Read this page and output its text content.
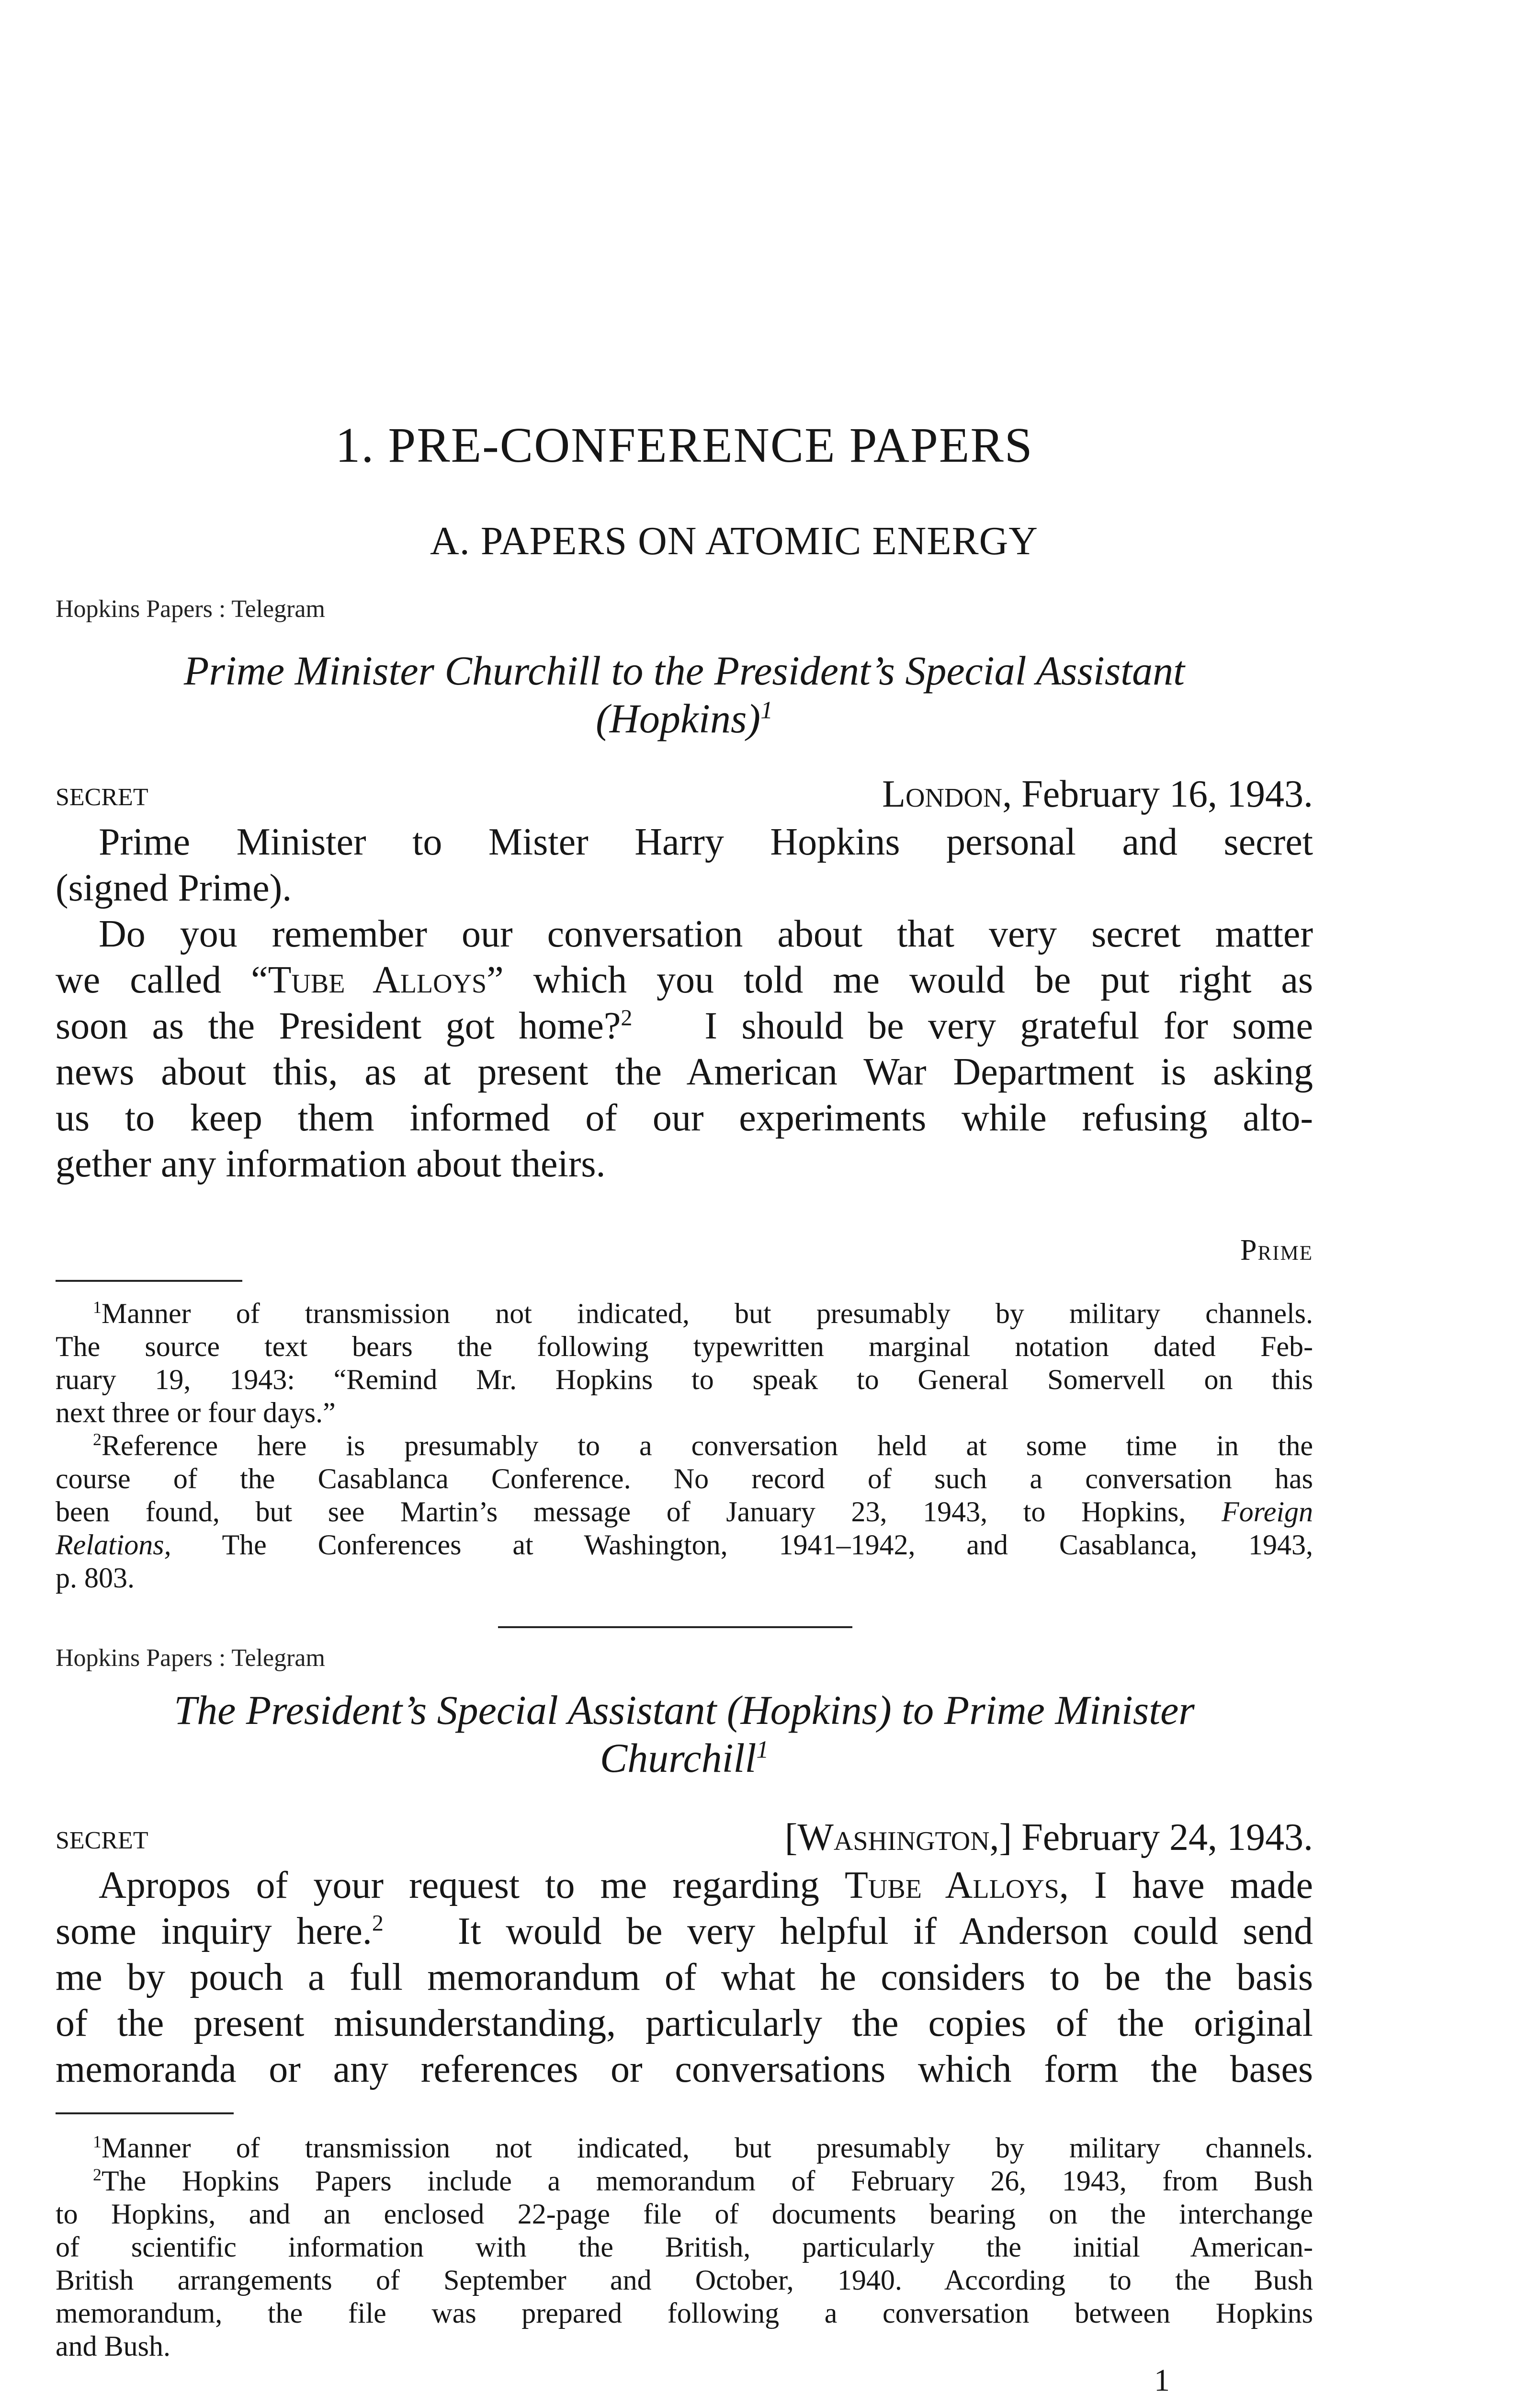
1. PRE-CONFERENCE PAPERS
A. PAPERS ON ATOMIC ENERGY
Hopkins Papers : Telegram
Prime Minister Churchill to the President’s Special Assistant
(Hopkins)$^1$
SECRET	London, February 16, 1943.

Prime Minister to Mister Harry Hopkins personal and secret

(signed Prime).

Do you remember our conversation about that very secret matter

we called “Tube Alloys” which you told me would be put right as

soon as the President got home?$^2$ I should be very grateful for some

news about this, as at present the American War Department is asking

us to keep them informed of our experiments while refusing alto-

gether any information about theirs.

Prime

$^1$Manner of transmission not indicated, but presumably by military channels.

The source text bears the following typewritten marginal notation dated Feb-

ruary 19, 1943: “Remind Mr. Hopkins to speak to General Somervell on this

next three or four days.”

$^2$Reference here is presumably to a conversation held at some time in the

course of the Casablanca Conference. No record of such a conversation has

been found, but see Martin’s message of January 23, 1943, to Hopkins, Foreign

Relations, The Conferences at Washington, 1941–1942, and Casablanca, 1943,

p. 803.

Hopkins Papers : Telegram
The President’s Special Assistant (Hopkins) to Prime Minister
Churchill$^1$
SECRET	[Washington,] February 24, 1943.

Apropos of your request to me regarding Tube Alloys, I have made

some inquiry here.$^2$ It would be very helpful if Anderson could send

me by pouch a full memorandum of what he considers to be the basis

of the present misunderstanding, particularly the copies of the original

memoranda or any references or conversations which form the bases

$^1$Manner of transmission not indicated, but presumably by military channels.

$^2$The Hopkins Papers include a memorandum of February 26, 1943, from Bush

to Hopkins, and an enclosed 22-page file of documents bearing on the interchange

of scientific information with the British, particularly the initial American-

British arrangements of September and October, 1940. According to the Bush

memorandum, the file was prepared following a conversation between Hopkins

and Bush.

1
